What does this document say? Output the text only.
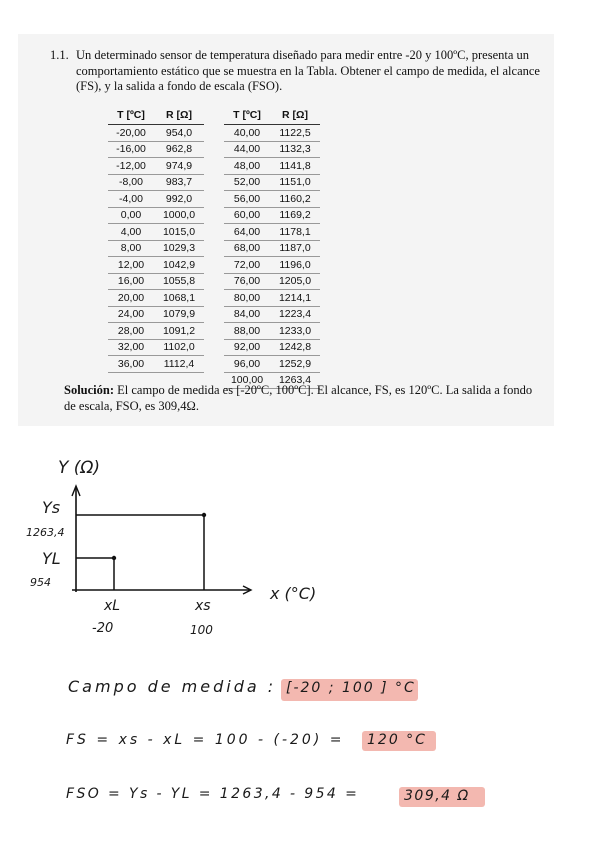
1.1. Un determinado sensor de temperatura diseñado para medir entre -20 y 100ºC, presenta un comportamiento estático que se muestra en la Tabla. Obtener el campo de medida, el alcance (FS), y la salida a fondo de escala (FSO).
T [ºC]	R [Ω]
-20,00	954,0
-16,00	962,8
-12,00	974,9
-8,00	983,7
-4,00	992,0
0,00	1000,0
4,00	1015,0
8,00	1029,3
12,00	1042,9
16,00	1055,8
20,00	1068,1
24,00	1079,9
28,00	1091,2
32,00	1102,0
36,00	1112,4
T [ºC]	R [Ω]
40,00	1122,5
44,00	1132,3
48,00	1141,8
52,00	1151,0
56,00	1160,2
60,00	1169,2
64,00	1178,1
68,00	1187,0
72,00	1196,0
76,00	1205,0
80,00	1214,1
84,00	1223,4
88,00	1233,0
92,00	1242,8
96,00	1252,9
100,00	1263,4
Solución: El campo de medida es [-20ºC, 100ºC]. El alcance, FS, es 120ºC. La salida a fondo de escala, FSO, es 309,4Ω.
Y (Ω)
x (°C)
Ys
1263,4
YL
954
xL
-20
xs
100
Campo de medida : [-20 ; 100 ] °C
FS = xs - xL = 100 - (-20) = 120 °C
FSO = Ys - YL = 1263,4 - 954 =	309,4 Ω
